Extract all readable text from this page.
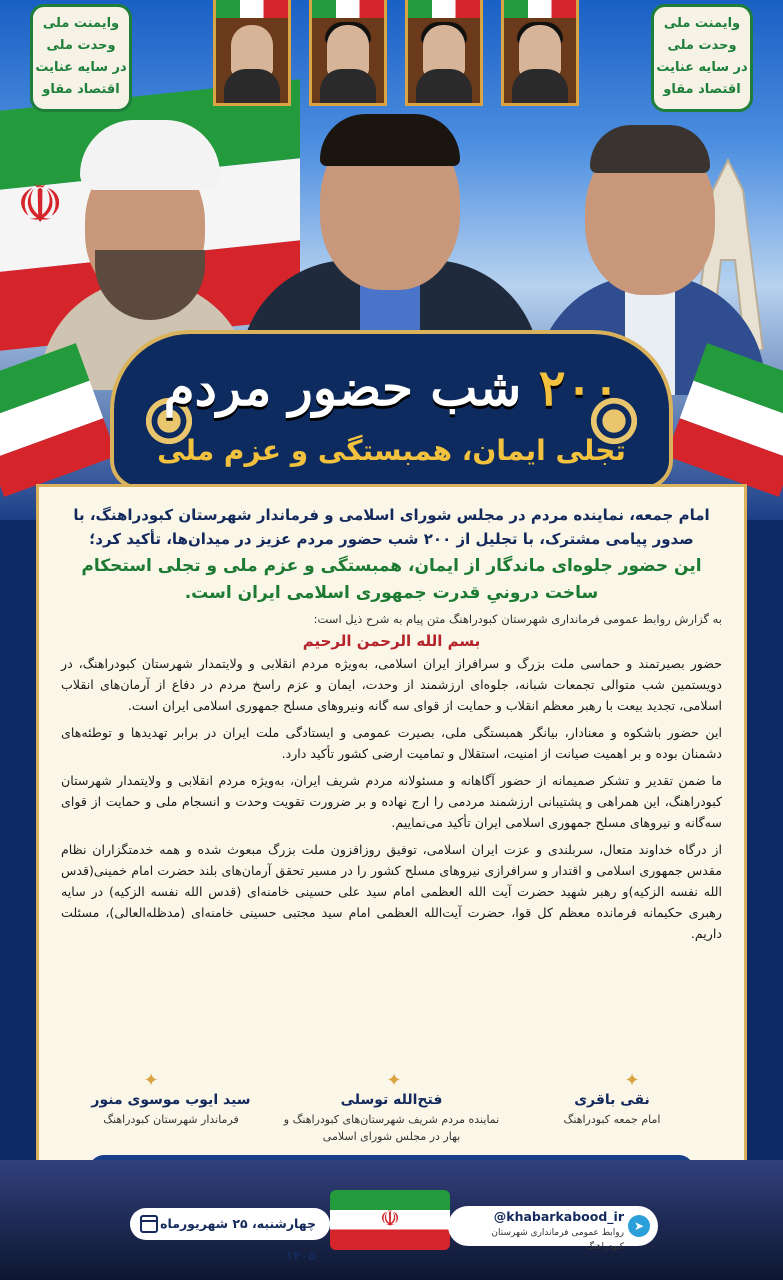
☫
وایمنت ملی
وحدت ملی
در سایه عنایت
اقتصاد مقاو
وایمنت ملی
وحدت ملی
در سایه عنایت
اقتصاد مقاو
۲۰۰ شب حضور مردم
تجلی ایمان، همبستگی و عزم ملی
امام جمعه، نماینده مردم در مجلس شورای اسلامی و فرماندار شهرستان کبودراهنگ، با صدور پیامی مشترک، با تجلیل از ۲۰۰ شب حضور مردم عزیز در میدان‌ها، تأکید کرد؛
این حضور جلوه‌ای ماندگار از ایمان، همبستگی و عزم ملی و تجلی استحکام ساخت درونیِ قدرت جمهوری اسلامی ایران است.
به گزارش روابط عمومی فرمانداری شهرستان کبودراهنگ متن پیام به شرح ذیل است:
بسم الله الرحمن الرحیم

حضور بصیرتمند و حماسی ملت بزرگ و سرافراز ایران اسلامی، به‌ویژه مردم انقلابی و ولایتمدار شهرستان کبودراهنگ، در دویستمین شب متوالی تجمعات شبانه، جلوه‌ای ارزشمند از وحدت، ایمان و عزم راسخ مردم در دفاع از آرمان‌های انقلاب اسلامی، تجدید بیعت با رهبر معظم انقلاب و حمایت از قوای سه گانه ونیروهای مسلح جمهوری اسلامی ایران است.

این حضور باشکوه و معنادار، بیانگر همبستگی ملی، بصیرت عمومی و ایستادگی ملت ایران در برابر تهدیدها و توطئه‌های دشمنان بوده و بر اهمیت صیانت از امنیت، استقلال و تمامیت ارضی کشور تأکید دارد.

ما ضمن تقدیر و تشکر صمیمانه از حضور آگاهانه و مسئولانه مردم شریف ایران، به‌ویژه مردم انقلابی و ولایتمدار شهرستان کبودراهنگ، این همراهی و پشتیبانی ارزشمند مردمی را ارج نهاده و بر ضرورت تقویت وحدت و انسجام ملی و حمایت از قوای سه‌گانه و نیروهای مسلح جمهوری اسلامی ایران تأکید می‌نماییم.

از درگاه خداوند متعال، سربلندی و عزت ایران اسلامی، توفیق روزافزون ملت بزرگ مبعوث شده و همه خدمتگزاران نظام مقدس جمهوری اسلامی و اقتدار و سرافرازی نیروهای مسلح کشور را در مسیر تحقق آرمان‌های بلند حضرت امام خمینی(قدس الله نفسه الزکیه)و رهبر شهید حضرت آیت الله العظمی امام سید علی حسینی خامنه‌ای (قدس الله نفسه الزکیه) در سایه رهبری حکیمانه فرمانده معظم کل قوا، حضرت آیت‌الله العظمی امام سید مجتبی حسینی خامنه‌ای (مدظله‌العالی)، مسئلت داریم.

✦
✦
✦
نقی باقری
امام جمعه کبودراهنگ
فتح‌الله توسلی
نماینده مردم شریف شهرستان‌های کبودراهنگ و بهار در مجلس شورای اسلامی
سید ایوب موسوی منور
فرماندار شهرستان کبودراهنگ
چهارشنبه، ۲۵ شهریورماه ۱۴۰۵
☫	➤
@khabarkabood_ir
روابط عمومی فرمانداری شهرستان کبودراهنگ
